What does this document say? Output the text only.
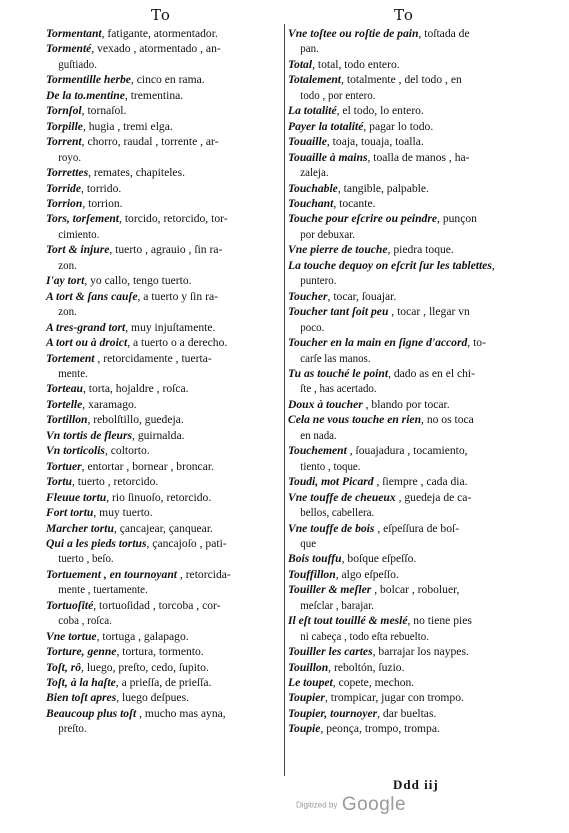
To	To
Tormentant, fatigante, atormentador.
Tormenté, vexado , atormentado , an-
guſtiado.
Tormentille herbe, cinco en rama.
De la to.mentine, trementina.
Tornſol, tornaſol.
Torpille, hugia , tremi elga.
Torrent, chorro, raudal , torrente , ar-
royo.
Torrettes, remates, chapiteles.
Torride, torrido.
Torrion, torrion.
Tors, torſement, torcido, retorcido, tor-
cimiento.
Tort & injure, tuerto , agrauio , ſin ra-
zon.
I'ay tort, yo callo, tengo tuerto.
A tort & ſans cauſe, a tuerto y ſin ra-
zon.
A tres-grand tort, muy injuſtamente.
A tort ou à droict, a tuerto o a derecho.
Tortement , retorcidamente , tuerta-
mente.
Torteau, torta, hojaldre , roſca.
Tortelle, xaramago.
Tortillon, rebolſtillo, guedeja.
Vn tortis de fleurs, guirnalda.
Vn torticolis, coltorto.
Tortuer, entortar , bornear , broncar.
Tortu, tuerto , retorcido.
Fleuue tortu, rio ſinuoſo, retorcido.
Fort tortu, muy tuerto.
Marcher tortu, çancajear, çanquear.
Qui a les pieds tortus, çancajoſo , pati-
tuerto , beſo.
Tortuement , en tournoyant , retorcida-
mente , tuertamente.
Tortuoſité, tortuoſidad , torcoba , cor-
coba , roſca.
Vne tortue, tortuga , galapago.
Torture, genne, tortura, tormento.
Toſt, rô, luego, preſto, cedo, ſupito.
Toſt, à la haſte, a prieſſa, de prieſſa.
Bien toſt apres, luego deſpues.
Beaucoup plus toſt , mucho mas ayna,
preſto.
Vne toſtee ou roſtie de pain, toſtada de
pan.
Total, total, todo entero.
Totalement, totalmente , del todo , en
todo , por entero.
La totalité, el todo, lo entero.
Payer la totalité, pagar lo todo.
Touaille, toaja, touaja, toalla.
Touaille à mains, toalla de manos , ha-
zaleja.
Touchable, tangible, palpable.
Touchant, tocante.
Touche pour eſcrire ou peindre, punçon
por debuxar.
Vne pierre de touche, piedra toque.
La touche dequoy on eſcrit ſur les tablettes,
puntero.
Toucher, tocar, ſouajar.
Toucher tant ſoit peu , tocar , llegar vn
poco.
Toucher en la main en ſigne d'accord, to-
carſe las manos.
Tu as touché le point, dado as en el chi-
ſte , has acertado.
Doux à toucher , blando por tocar.
Cela ne vous touche en rien, no os toca
en nada.
Touchement , ſouajadura , tocamiento,
tiento , toque.
Toudi, mot Picard , ſiempre , cada dia.
Vne touffe de cheueux , guedeja de ca-
bellos, cabellera.
Vne touffe de bois , eſpeſſura de boſ-
que
Bois touffu, boſque eſpeſſo.
Touffillon, algo eſpeſſo.
Touiller & meſler , bolcar , roboluer,
meſclar , barajar.
Il eſt tout touillé & meslé, no tiene pies
ni cabeça , todo eſta rebuelto.
Touiller les cartes, barrajar los naypes.
Touillon, reboltón, ſuzio.
Le toupet, copete, mechon.
Toupier, trompicar, jugar con trompo.
Toupier, tournoyer, dar bueltas.
Toupie, peonça, trompo, trompa.
Ddd iij
Digitized by Google
